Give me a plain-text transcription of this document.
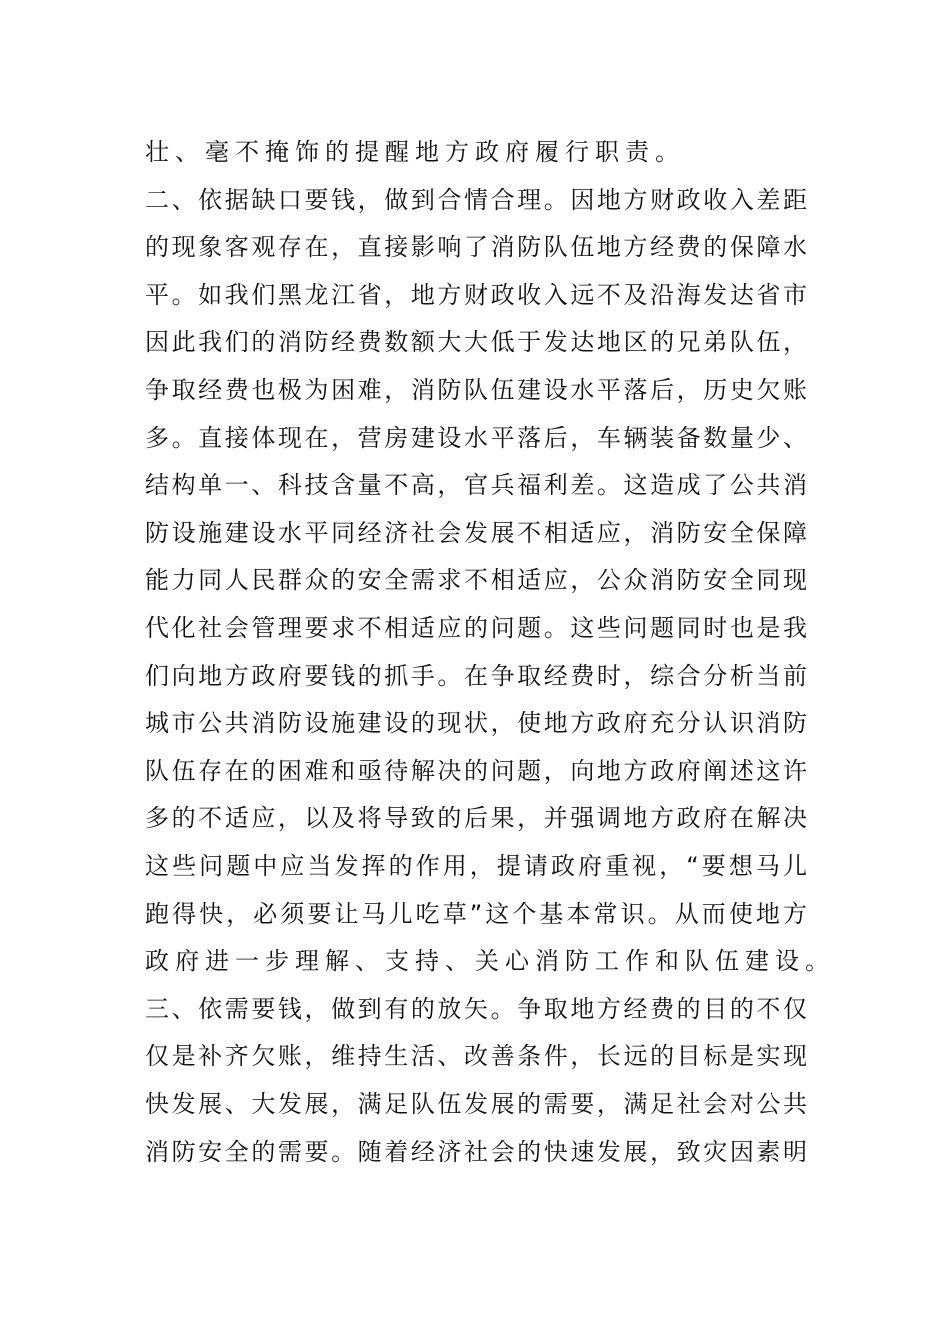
壮、毫不掩饰的提醒地方政府履行职责。
二、依据缺口要钱，做到合情合理。因地方财政收入差距
的现象客观存在，直接影响了消防队伍地方经费的保障水
平。如我们黑龙江省，地方财政收入远不及沿海发达省市
因此我们的消防经费数额大大低于发达地区的兄弟队伍，
争取经费也极为困难，消防队伍建设水平落后，历史欠账
多。直接体现在，营房建设水平落后，车辆装备数量少、
结构单一、科技含量不高，官兵福利差。这造成了公共消
防设施建设水平同经济社会发展不相适应，消防安全保障
能力同人民群众的安全需求不相适应，公众消防安全同现
代化社会管理要求不相适应的问题。这些问题同时也是我
们向地方政府要钱的抓手。在争取经费时，综合分析当前
城市公共消防设施建设的现状，使地方政府充分认识消防
队伍存在的困难和亟待解决的问题，向地方政府阐述这许
多的不适应，以及将导致的后果，并强调地方政府在解决
这些问题中应当发挥的作用，提请政府重视，“要想马儿
跑得快，必须要让马儿吃草”这个基本常识。从而使地方
政府进一步理解、支持、关心消防工作和队伍建设。
三、依需要钱，做到有的放矢。争取地方经费的目的不仅
仅是补齐欠账，维持生活、改善条件，长远的目标是实现
快发展、大发展，满足队伍发展的需要，满足社会对公共
消防安全的需要。随着经济社会的快速发展，致灾因素明
